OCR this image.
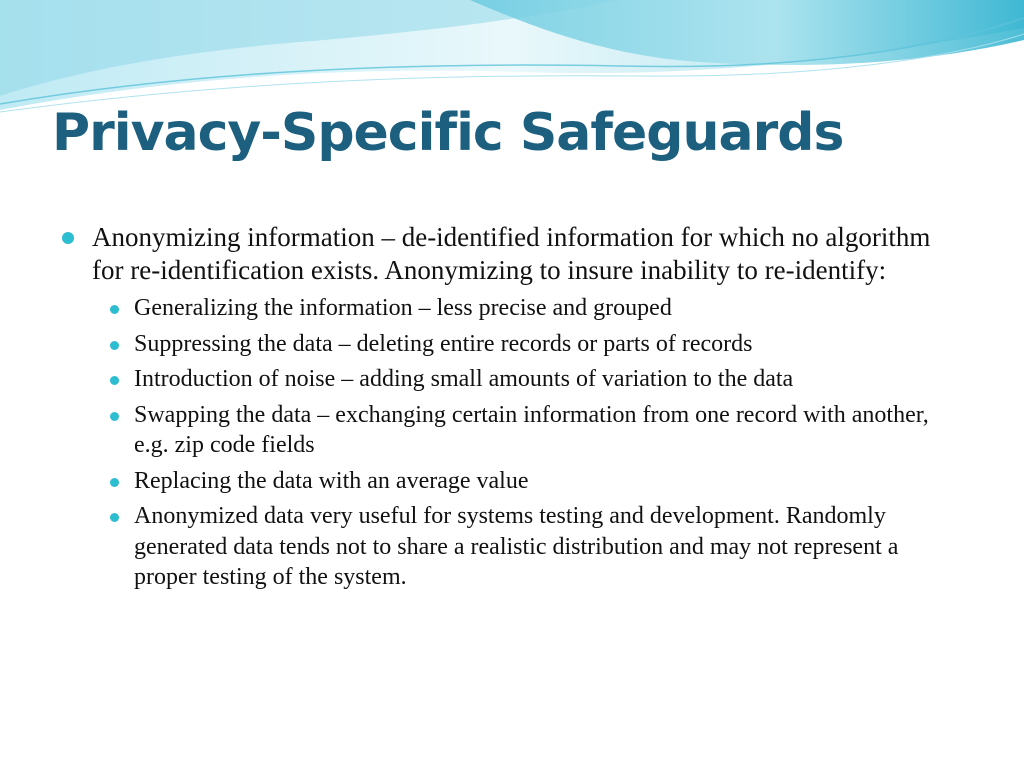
Privacy-Specific Safeguards
Anonymizing information – de-identified information for which no algorithm for re-identification exists. Anonymizing to insure inability to re-identify:
Generalizing the information – less precise and grouped
Suppressing the data – deleting entire records or parts of records
Introduction of noise – adding small amounts of variation to the data
Swapping the data – exchanging certain information from one record with another, e.g. zip code fields
Replacing the data with an average value
Anonymized data very useful for systems testing and development. Randomly generated data tends not to share a realistic distribution and may not represent a proper testing of the system.
